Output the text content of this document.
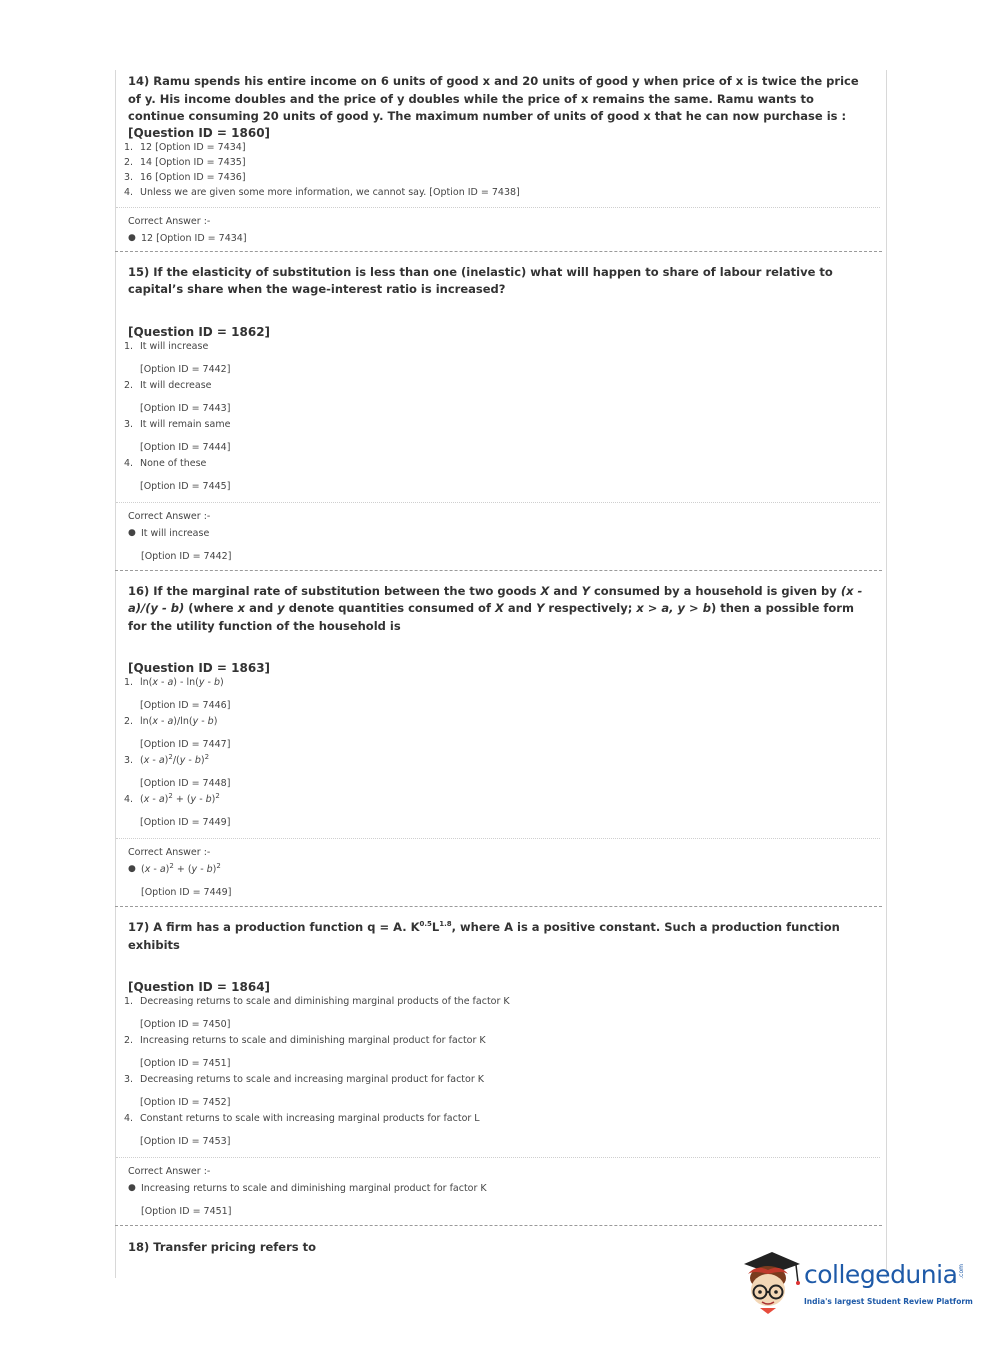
14) Ramu spends his entire income on 6 units of good x and 20 units of good y when price of x is twice the price of y. His income doubles and the price of y doubles while the price of x remains the same. Ramu wants to continue consuming 20 units of good y. The maximum number of units of good x that he can now purchase is :

[Question ID = 1860]
1. 12 [Option ID = 7434]
2. 14 [Option ID = 7435]
3. 16 [Option ID = 7436]
4. Unless we are given some more information, we cannot say. [Option ID = 7438]
Correct Answer :-
● 12 [Option ID = 7434]

15) If the elasticity of substitution is less than one (inelastic) what will happen to share of labour relative to capital’s share when the wage-interest ratio is increased?

[Question ID = 1862]
1. It will increase
[Option ID = 7442]
2. It will decrease
[Option ID = 7443]
3. It will remain same
[Option ID = 7444]
4. None of these
[Option ID = 7445]
Correct Answer :-
● It will increase
[Option ID = 7442]

16) If the marginal rate of substitution between the two goods X and Y consumed by a household is given by (x - a)/(y - b) (where x and y denote quantities consumed of X and Y respectively; x > a, y > b) then a possible form for the utility function of the household is

[Question ID = 1863]
1. ln(x - a) - ln(y - b)
[Option ID = 7446]
2. ln(x - a)/ln(y - b)
[Option ID = 7447]
3. (x - a)$^2$/(y - b)$^2$
[Option ID = 7448]
4. (x - a)$^2$ + (y - b)$^2$
[Option ID = 7449]
Correct Answer :-
● (x - a)$^2$ + (y - b)$^2$
[Option ID = 7449]

17) A firm has a production function q = A. $K^{0.5}L^{1.8}$, where A is a positive constant. Such a production function exhibits

[Question ID = 1864]
1. Decreasing returns to scale and diminishing marginal products of the factor K
[Option ID = 7450]
2. Increasing returns to scale and diminishing marginal product for factor K
[Option ID = 7451]
3. Decreasing returns to scale and increasing marginal product for factor K
[Option ID = 7452]
4. Constant returns to scale with increasing marginal products for factor L
[Option ID = 7453]
Correct Answer :-
● Increasing returns to scale and diminishing marginal product for factor K
[Option ID = 7451]

18) Transfer pricing refers to

collegedunia .com
India's largest Student Review Platform
